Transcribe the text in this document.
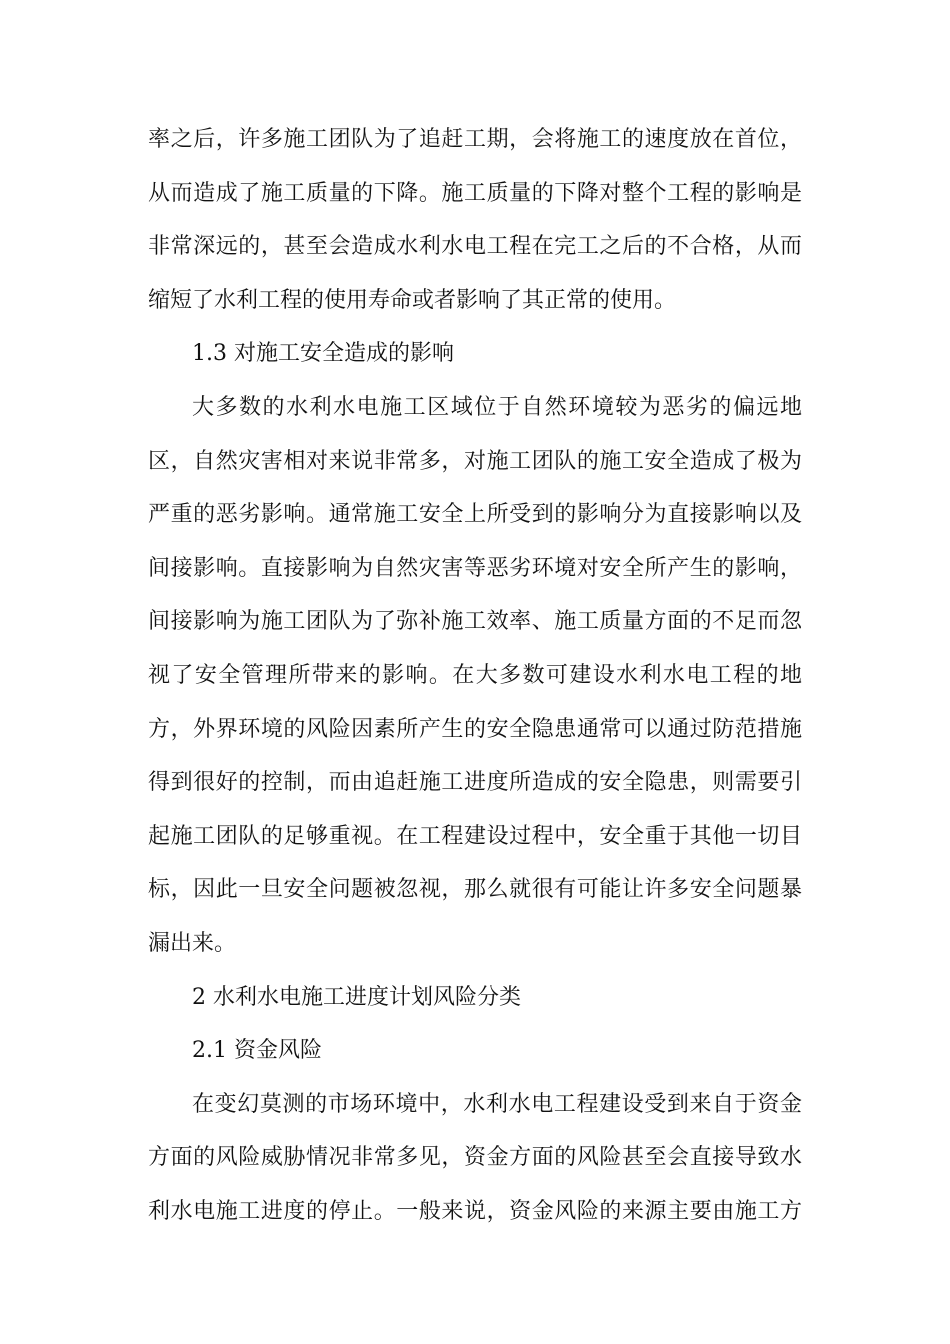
率之后，许多施工团队为了追赶工期，会将施工的速度放在首位，
从而造成了施工质量的下降。施工质量的下降对整个工程的影响是
非常深远的，甚至会造成水利水电工程在完工之后的不合格，从而
缩短了水利工程的使用寿命或者影响了其正常的使用。
1.3 对施工安全造成的影响
大多数的水利水电施工区域位于自然环境较为恶劣的偏远地
区，自然灾害相对来说非常多，对施工团队的施工安全造成了极为
严重的恶劣影响。通常施工安全上所受到的影响分为直接影响以及
间接影响。直接影响为自然灾害等恶劣环境对安全所产生的影响，
间接影响为施工团队为了弥补施工效率、施工质量方面的不足而忽
视了安全管理所带来的影响。在大多数可建设水利水电工程的地
方，外界环境的风险因素所产生的安全隐患通常可以通过防范措施
得到很好的控制，而由追赶施工进度所造成的安全隐患，则需要引
起施工团队的足够重视。在工程建设过程中，安全重于其他一切目
标，因此一旦安全问题被忽视，那么就很有可能让许多安全问题暴
漏出来。
2 水利水电施工进度计划风险分类
2.1 资金风险
在变幻莫测的市场环境中，水利水电工程建设受到来自于资金
方面的风险威胁情况非常多见，资金方面的风险甚至会直接导致水
利水电施工进度的停止。一般来说，资金风险的来源主要由施工方
